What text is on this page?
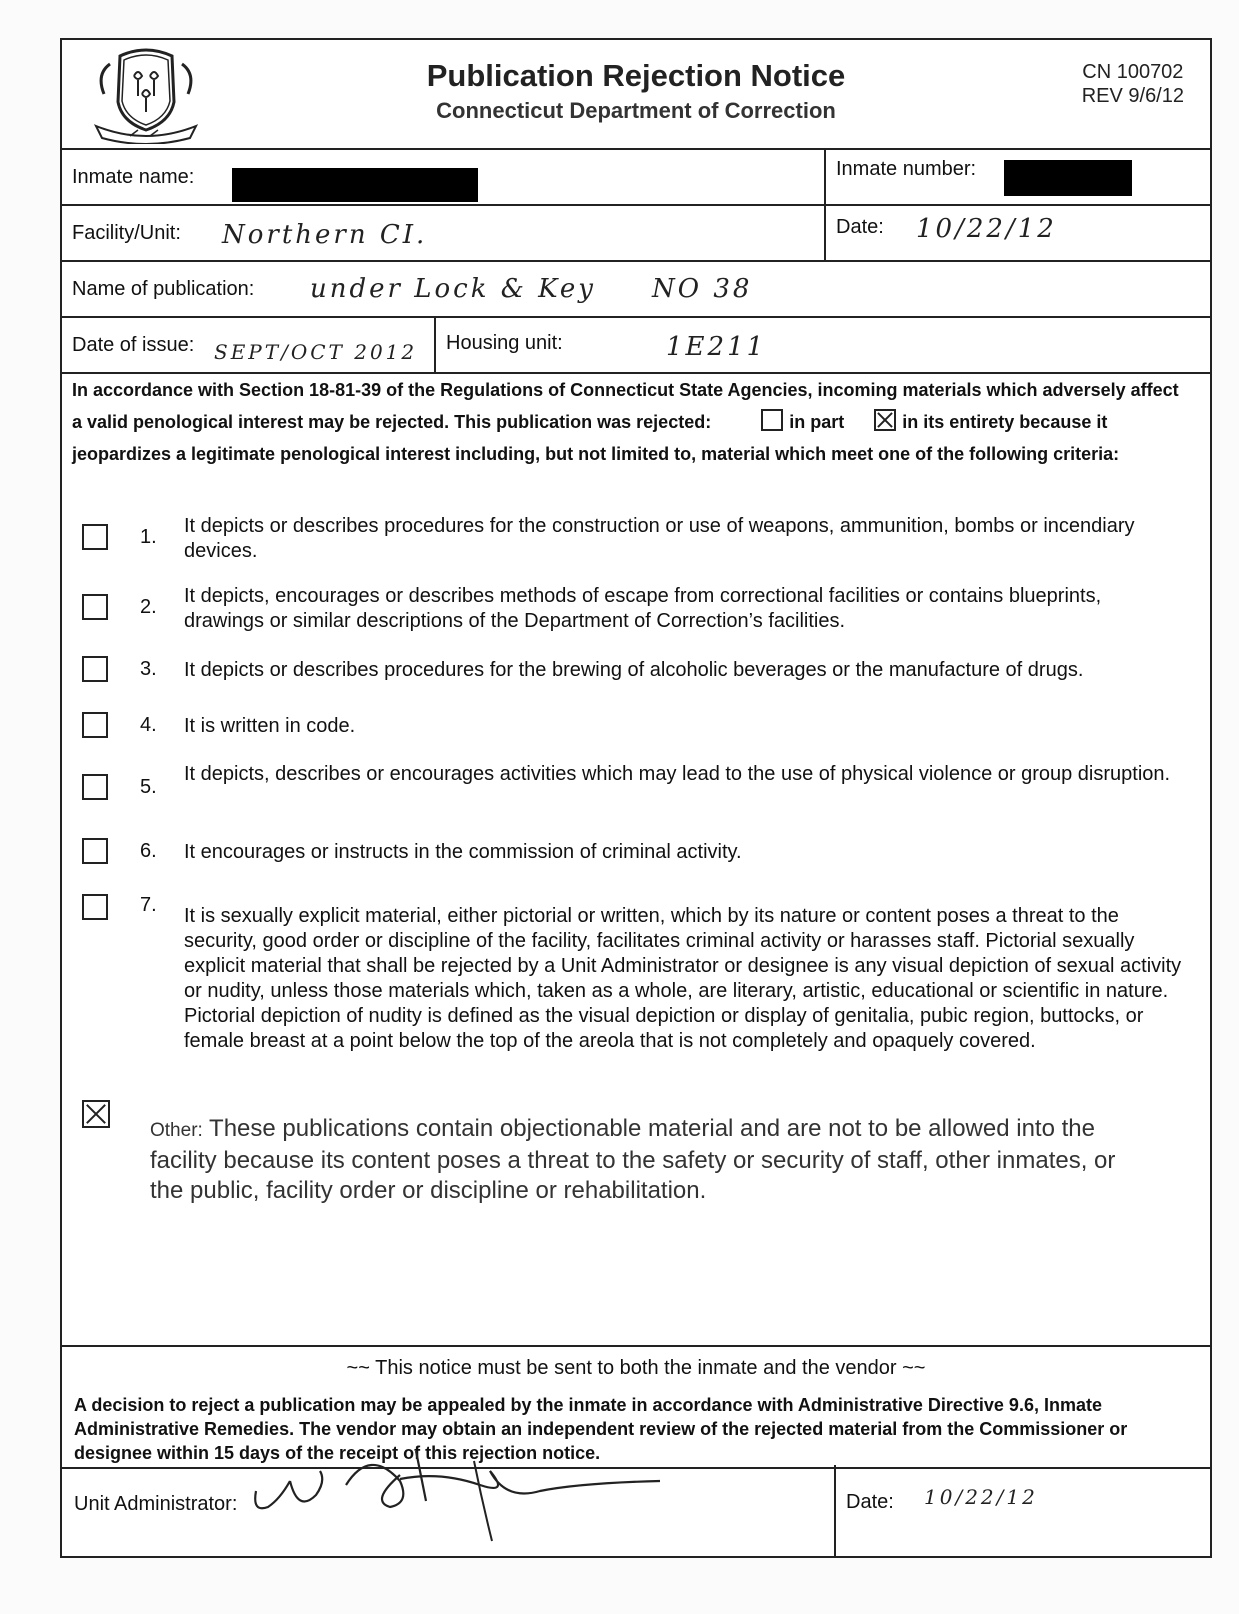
Publication Rejection Notice
Connecticut Department of Correction
CN 100702
REV 9/6/12
Inmate name:	Inmate number:
Facility/Unit: Northern CI.	Date: 10/22/12
Name of publication: under Lock & Key NO 38
Date of issue: SEPT/OCT 2012 Housing unit:	1E211
In accordance with Section 18-81-39 of the Regulations of Connecticut State Agencies, incoming materials which adversely affect a valid penological interest may be rejected. This publication was rejected:	in part	in its entirety because it jeopardizes a legitimate penological interest including, but not limited to, material which meet one of the following criteria:
1. It depicts or describes procedures for the construction or use of weapons, ammunition, bombs or incendiary devices.
2. It depicts, encourages or describes methods of escape from correctional facilities or contains blueprints, drawings or similar descriptions of the Department of Correction’s facilities.
3. It depicts or describes procedures for the brewing of alcoholic beverages or the manufacture of drugs.
4. It is written in code.
5.
It depicts, describes or encourages activities which may lead to the use of physical violence or group disruption.
6. It encourages or instructs in the commission of criminal activity.
7. It is sexually explicit material, either pictorial or written, which by its nature or content poses a threat to the security, good order or discipline of the facility, facilitates criminal activity or harasses staff. Pictorial sexually explicit material that shall be rejected by a Unit Administrator or designee is any visual depiction of sexual activity or nudity, unless those materials which, taken as a whole, are literary, artistic, educational or scientific in nature. Pictorial depiction of nudity is defined as the visual depiction or display of genitalia, pubic region, buttocks, or female breast at a point below the top of the areola that is not completely and opaquely covered.
Other: These publications contain objectionable material and are not to be allowed into the facility because its content poses a threat to the safety or security of staff, other inmates, or the public, facility order or discipline or rehabilitation.
~~ This notice must be sent to both the inmate and the vendor ~~
A decision to reject a publication may be appealed by the inmate in accordance with Administrative Directive 9.6, Inmate Administrative Remedies. The vendor may obtain an independent review of the rejected material from the Commissioner or designee within 15 days of the receipt of this rejection notice.
Unit Administrator:	Date: 10/22/12
